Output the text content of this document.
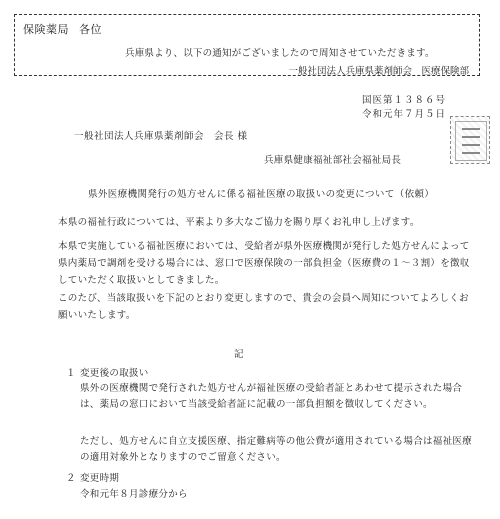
保険薬局 各位
兵庫県より、以下の通知がございましたので周知させていただきます。
一般社団法人兵庫県薬剤師会　医療保険部
国医第１３８６号
令和元年７月５日
一般社団法人兵庫県薬剤師会　会長 様
兵庫県健康福祉部社会福祉局長
県外医療機関発行の処方せんに係る福祉医療の取扱いの変更について（依頼）

本県の福祉行政については、平素より多大なご協力を賜り厚くお礼申し上げます。

本県で実施している福祉医療においては、受給者が県外医療機関が発行した処方せんによって県内薬局で調剤を受ける場合には、窓口で医療保険の一部負担金（医療費の１～３割）を徴収していただく取扱いとしてきました。

このたび、当該取扱いを下記のとおり変更しますので、貴会の会員へ周知についてよろしくお願いいたします。

記
１ 変更後の取扱い

県外の医療機関で発行された処方せんが福祉医療の受給者証とあわせて提示された場合は、薬局の窓口において当該受給者証に記載の一部負担額を徴収してください。

ただし、処方せんに自立支援医療、指定難病等の他公費が適用されている場合は福祉医療の適用対象外となりますのでご留意ください。

２ 変更時期
令和元年８月診療分から
